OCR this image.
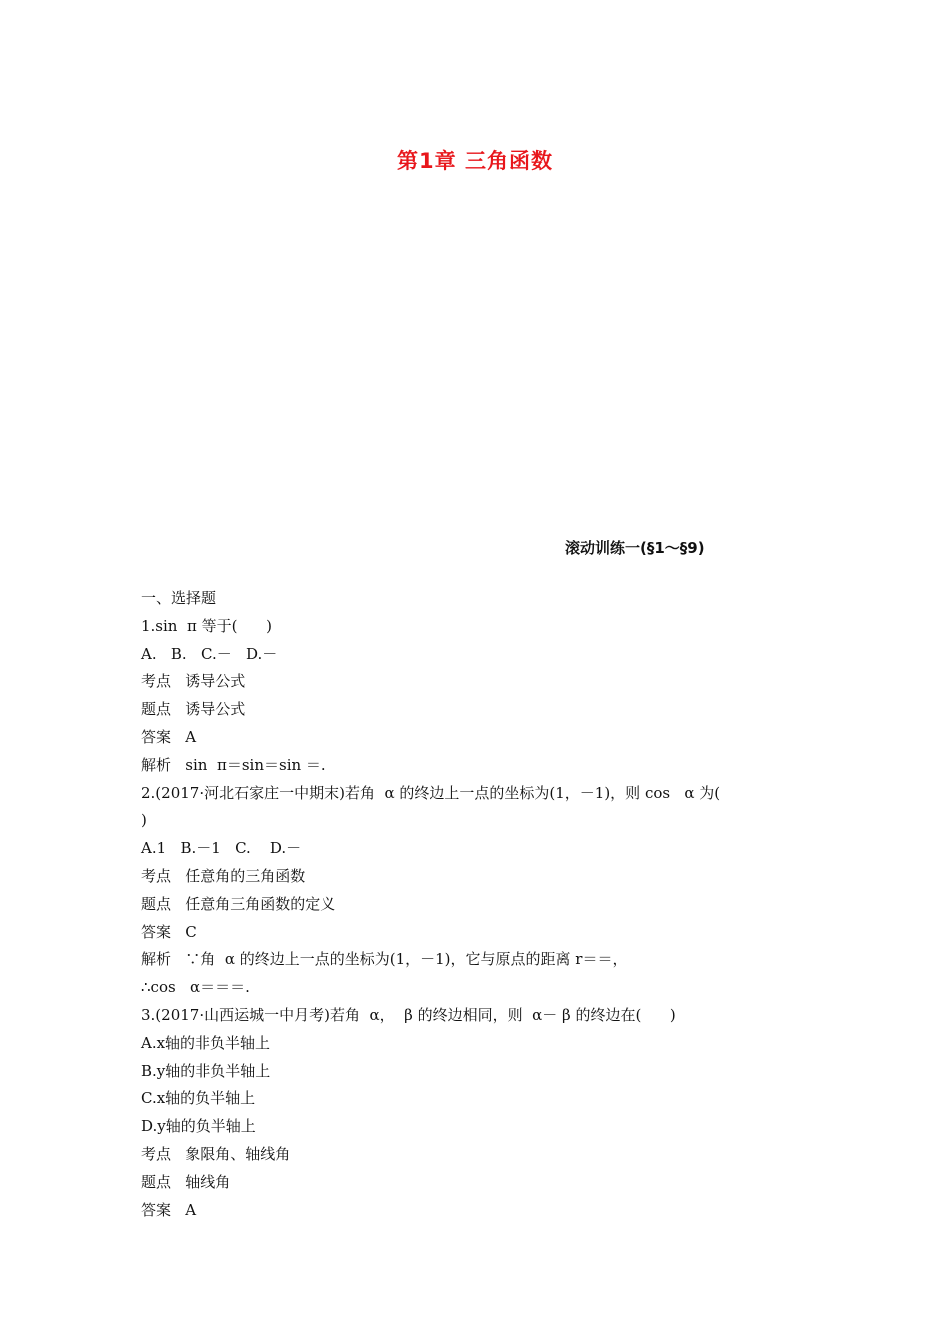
第1章 三角函数
滚动训练一(§1～§9)
一、选择题
1.sin  π 等于(      )
A.   B.   C.－   D.－
考点   诱导公式
题点   诱导公式
答案   A
解析   sin  π＝sin＝sin ＝.
2.(2017·河北石家庄一中期末)若角  α 的终边上一点的坐标为(1，－1)，则 cos   α 为(
)
A.1   B.－1   C.    D.－
考点   任意角的三角函数
题点   任意角三角函数的定义
答案   C
解析   ∵角  α 的终边上一点的坐标为(1，－1)，它与原点的距离 r＝＝，
∴cos   α＝＝＝.
3.(2017·山西运城一中月考)若角  α，  β 的终边相同，则  α－ β 的终边在(      )
A.x轴的非负半轴上
B.y轴的非负半轴上
C.x轴的负半轴上
D.y轴的负半轴上
考点   象限角、轴线角
题点   轴线角
答案   A
